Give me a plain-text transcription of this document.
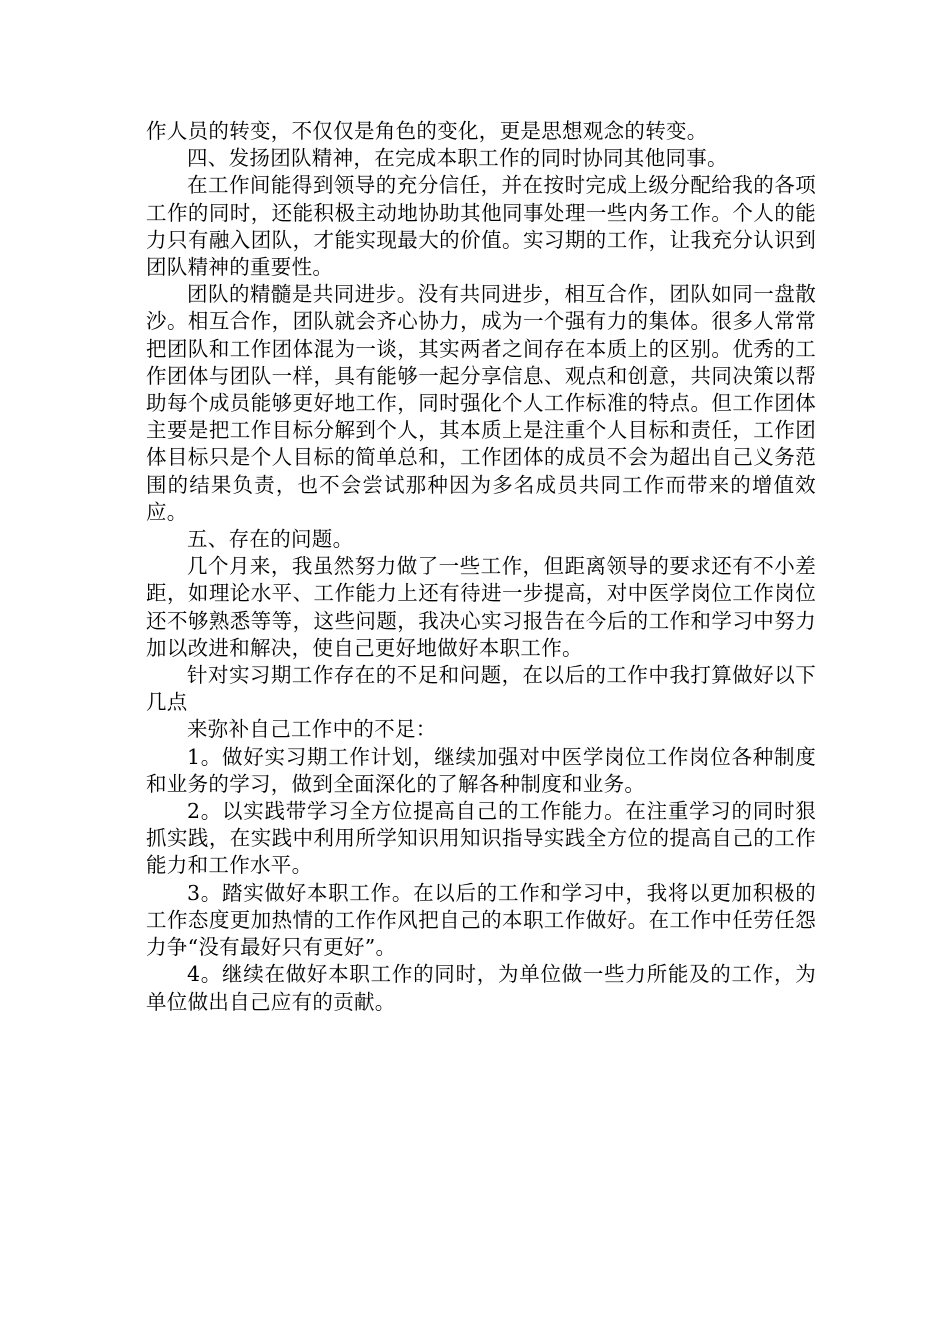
作人员的转变，不仅仅是角色的变化，更是思想观念的转变。

四、发扬团队精神，在完成本职工作的同时协同其他同事。

在工作间能得到领导的充分信任，并在按时完成上级分配给我的各项工作的同时，还能积极主动地协助其他同事处理一些内务工作。个人的能力只有融入团队，才能实现最大的价值。实习期的工作，让我充分认识到团队精神的重要性。

团队的精髓是共同进步。没有共同进步，相互合作，团队如同一盘散沙。相互合作，团队就会齐心协力，成为一个强有力的集体。很多人常常把团队和工作团体混为一谈，其实两者之间存在本质上的区别。优秀的工作团体与团队一样，具有能够一起分享信息、观点和创意，共同决策以帮助每个成员能够更好地工作，同时强化个人工作标准的特点。但工作团体主要是把工作目标分解到个人，其本质上是注重个人目标和责任，工作团体目标只是个人目标的简单总和，工作团体的成员不会为超出自己义务范围的结果负责，也不会尝试那种因为多名成员共同工作而带来的增值效应。

五、存在的问题。

几个月来，我虽然努力做了一些工作，但距离领导的要求还有不小差距，如理论水平、工作能力上还有待进一步提高，对中医学岗位工作岗位还不够熟悉等等，这些问题，我决心实习报告在今后的工作和学习中努力加以改进和解决，使自己更好地做好本职工作。

针对实习期工作存在的不足和问题，在以后的工作中我打算做好以下几点

来弥补自己工作中的不足：

1。做好实习期工作计划，继续加强对中医学岗位工作岗位各种制度和业务的学习，做到全面深化的了解各种制度和业务。

2。以实践带学习全方位提高自己的工作能力。在注重学习的同时狠抓实践，在实践中利用所学知识用知识指导实践全方位的提高自己的工作能力和工作水平。

3。踏实做好本职工作。在以后的工作和学习中，我将以更加积极的工作态度更加热情的工作作风把自己的本职工作做好。在工作中任劳任怨力争“没有最好只有更好”。

4。继续在做好本职工作的同时，为单位做一些力所能及的工作，为单位做出自己应有的贡献。
